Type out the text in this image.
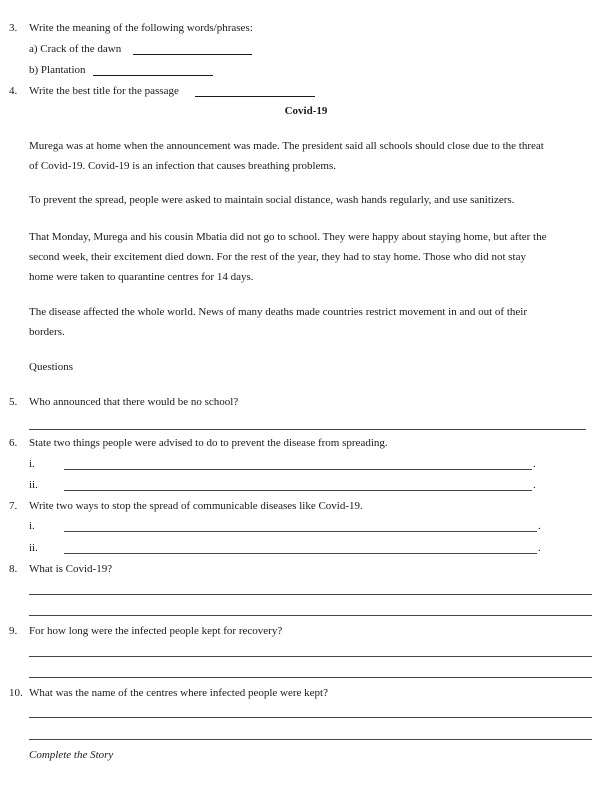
3. Write the meaning of the following words/phrases:
a) Crack of the dawn
b) Plantation
4. Write the best title for the passage
Covid-19
Murega was at home when the announcement was made. The president said all schools should close due to the threat
of Covid-19. Covid-19 is an infection that causes breathing problems.
To prevent the spread, people were asked to maintain social distance, wash hands regularly, and use sanitizers.
That Monday, Murega and his cousin Mbatia did not go to school. They were happy about staying home, but after the
second week, their excitement died down. For the rest of the year, they had to stay home. Those who did not stay
home were taken to quarantine centres for 14 days.
The disease affected the whole world. News of many deaths made countries restrict movement in and out of their
borders.
Questions
5. Who announced that there would be no school?
6. State two things people were advised to do to prevent the disease from spreading.
i.	.
ii.	.
7. Write two ways to stop the spread of communicable diseases like Covid-19.
i.	.
ii.	.
8. What is Covid-19?
9. For how long were the infected people kept for recovery?
10. What was the name of the centres where infected people were kept?
Complete the Story
